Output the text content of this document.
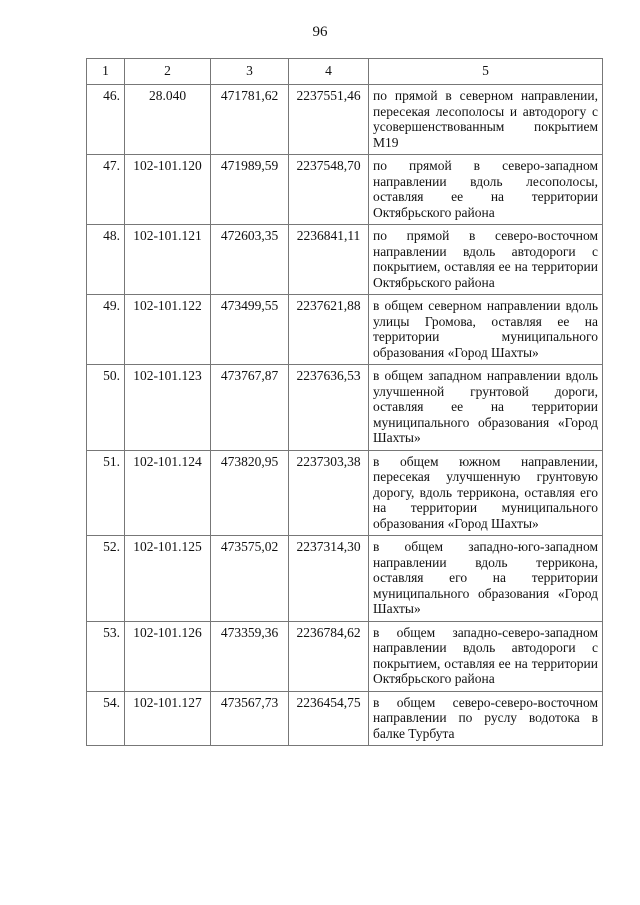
96
1	2	3	4	5
46.	28.040	471781,62	2237551,46	по прямой в северном направлении, пересекая лесополосы и автодорогу с усовершенствованным покрытием М19
47.	102-101.120	471989,59	2237548,70	по прямой в северо-западном направлении вдоль лесополосы, оставляя ее на территории Октябрьского района
48.	102-101.121	472603,35	2236841,11	по прямой в северо-восточном направлении вдоль автодороги с покрытием, оставляя ее на территории Октябрьского района
49.	102-101.122	473499,55	2237621,88	в общем северном направлении вдоль улицы Громова, оставляя ее на территории муниципального образования «Город Шахты»
50.	102-101.123	473767,87	2237636,53	в общем западном направлении вдоль улучшенной грунтовой дороги, оставляя ее на территории муниципального образования «Город Шахты»
51.	102-101.124	473820,95	2237303,38	в общем южном направлении, пересекая улучшенную грунтовую дорогу, вдоль терриконa, оставляя его на территории муниципального образования «Город Шахты»
52.	102-101.125	473575,02	2237314,30	в общем западно-юго-западном направлении вдоль терриконa, оставляя его на территории муниципального образования «Город Шахты»
53.	102-101.126	473359,36	2236784,62	в общем западно-северо-западном направлении вдоль автодороги с покрытием, оставляя ее на территории Октябрьского района
54.	102-101.127	473567,73	2236454,75	в общем северо-северо-восточном направлении по руслу водотока в балке Турбута
